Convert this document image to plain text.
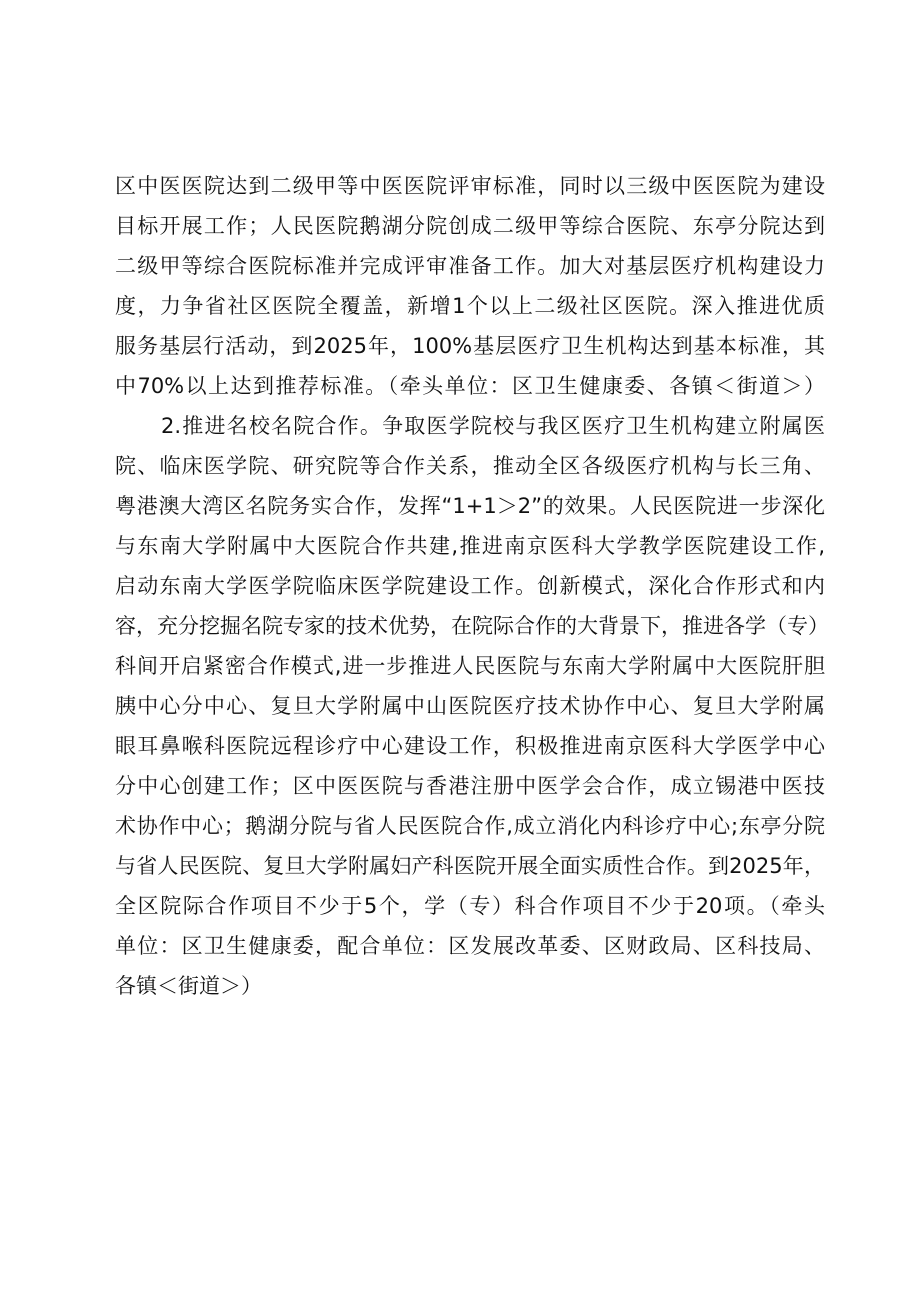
区中医医院达到二级甲等中医医院评审标准，同时以三级中医医院为建设
目标开展工作；人民医院鹅湖分院创成二级甲等综合医院、东亭分院达到
二级甲等综合医院标准并完成评审准备工作。加大对基层医疗机构建设力
度，力争省社区医院全覆盖，新增1个以上二级社区医院。深入推进优质
服务基层行活动，到2025年，100%基层医疗卫生机构达到基本标准，其
中70%以上达到推荐标准。（牵头单位：区卫生健康委、各镇＜街道＞）
2.推进名校名院合作。争取医学院校与我区医疗卫生机构建立附属医
院、临床医学院、研究院等合作关系，推动全区各级医疗机构与长三角、
粤港澳大湾区名院务实合作，发挥“1+1＞2”的效果。人民医院进一步深化
与东南大学附属中大医院合作共建,推进南京医科大学教学医院建设工作,
启动东南大学医学院临床医学院建设工作。创新模式，深化合作形式和内
容，充分挖掘名院专家的技术优势，在院际合作的大背景下，推进各学（专）
科间开启紧密合作模式,进一步推进人民医院与东南大学附属中大医院肝胆
胰中心分中心、复旦大学附属中山医院医疗技术协作中心、复旦大学附属
眼耳鼻喉科医院远程诊疗中心建设工作，积极推进南京医科大学医学中心
分中心创建工作；区中医医院与香港注册中医学会合作，成立锡港中医技
术协作中心；鹅湖分院与省人民医院合作,成立消化内科诊疗中心;东亭分院
与省人民医院、复旦大学附属妇产科医院开展全面实质性合作。到2025年，
全区院际合作项目不少于5个，学（专）科合作项目不少于20项。（牵头
单位：区卫生健康委，配合单位：区发展改革委、区财政局、区科技局、
各镇＜街道＞）
